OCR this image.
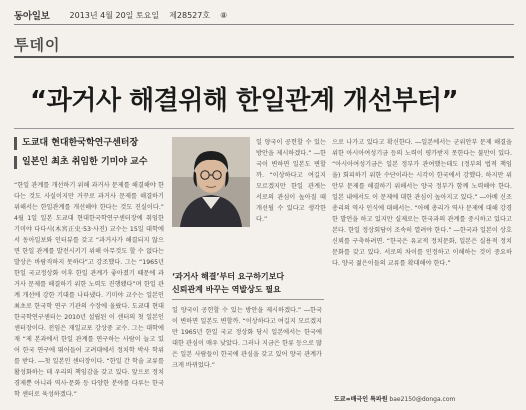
동아일보	2013년 4월 20일 토요일 제28527호 ⑧
투데이
“과거사 해결위해 한일관계 개선부터”
도쿄대 현대한국학연구센터장
일본인 최초 취임한 기미야 교수

“한일 관계를 개선하기 위해 과거사 문제를 해결해야 한다는 것도 사실이지만 거꾸로 과거사 문제를 해결하기 위해서는 한일관계를 개선해야 한다는 것도 진실이다.” 4월 1일 일본 도쿄대 현대한국학연구센터장에 취임한 기미야 다다시(木宮正史·53·사진) 교수는 15일 대학에서 동아일보와 인터뷰를 갖고 “과거사가 해결되지 않으면 한일 관계를 발전시키기 위해 아무것도 할 수 없다는 발상은 바람직하지 못하다”고 강조했다. 그는 “1965년 한일 국교정상화 이후 한일 관계가 좋아졌기 때문에 과거사 문제를 해결하기 위한 노력도 진행됐다”며 한일 관계 개선에 강한 기대를 나타냈다. 기미야 교수는 일본인 최초로 한국학 연구 기관의 수장에 올랐다. 도쿄대 현대한국학연구센터는 2010년 설립된 이 센터의 첫 일본인 센터장이다. 전임은 재일교포 강상중 교수. 그는 대학에 재 “제 본과에서 한일 관계를 연구하는 사람이 늘고 있어 한국 연구에 뛰어들어 고려대에서 정치학 박사 학위를 받다. ―첫 일본인 센터장이다. “한일 간 학술 교류를 활성화하는 데 우리의 책임감을 갖고 있다. 앞으로 정치 경제뿐 아니라 역사·문화 등 다양한 분야를 다루는 한국학 센터로 육성하겠다.”

일 양국이 공헌할 수 있는 방안을 제시하겠다.” ―한국이 변하면 일본도 변할까. “이상하다고 여길지 모르겠지만 한일 관계는 서로의 관심이 높아질 때 개선될 수 있다고 생각한다.”

‘과거사 해결’부터 요구하기보다
신뢰관계 바꾸는 역발상도 필요

일 양국이 공헌할 수 있는 방안을 제시하겠다.” ―한국이 변하면 일본도 변할까. “이상하다고 여길지 모르겠지만 1965년 한일 국교 정상화 당시 일본에서는 한국에 대한 관심이 매우 낮았다. 그러나 지금은 한류 등으로 많은 일본 사람들이 한국에 관심을 갖고 있어 양국 관계가 크게 바뀌었다.”

으로 나가고 있다고 확신한다. ―일본에서는 군위안부 문제 해결을 위한 아시아여성기금 등의 노력이 평가받지 못한다는 불만이 있다. “아시아여성기금은 일본 정부가 관여했는데도 (정부의 법적 책임을) 회피하기 위한 수단이라는 시각이 한국에서 강했다. 하지만 위안부 문제를 해결하기 위해서는 양국 정부가 함께 노력해야 한다. 일본 내에서도 이 문제에 대한 관심이 높아지고 있다.” ―아베 신조 총리의 역사 인식에 대해서는. “아베 총리가 역사 문제에 대해 강경한 발언을 하고 있지만 실제로는 한국과의 관계를 중시하고 있다고 본다. 한일 정상회담이 조속히 열려야 한다.” ―한국과 일본이 상호 신뢰를 구축하려면. “한국은 유교적 정치문화, 일본은 실용적 정치문화를 갖고 있다. 서로의 차이를 인정하고 이해하는 것이 중요하다. 양국 젊은이들의 교류를 확대해야 한다.”

도쿄=배극인 특파원 bae2150@donga.com
